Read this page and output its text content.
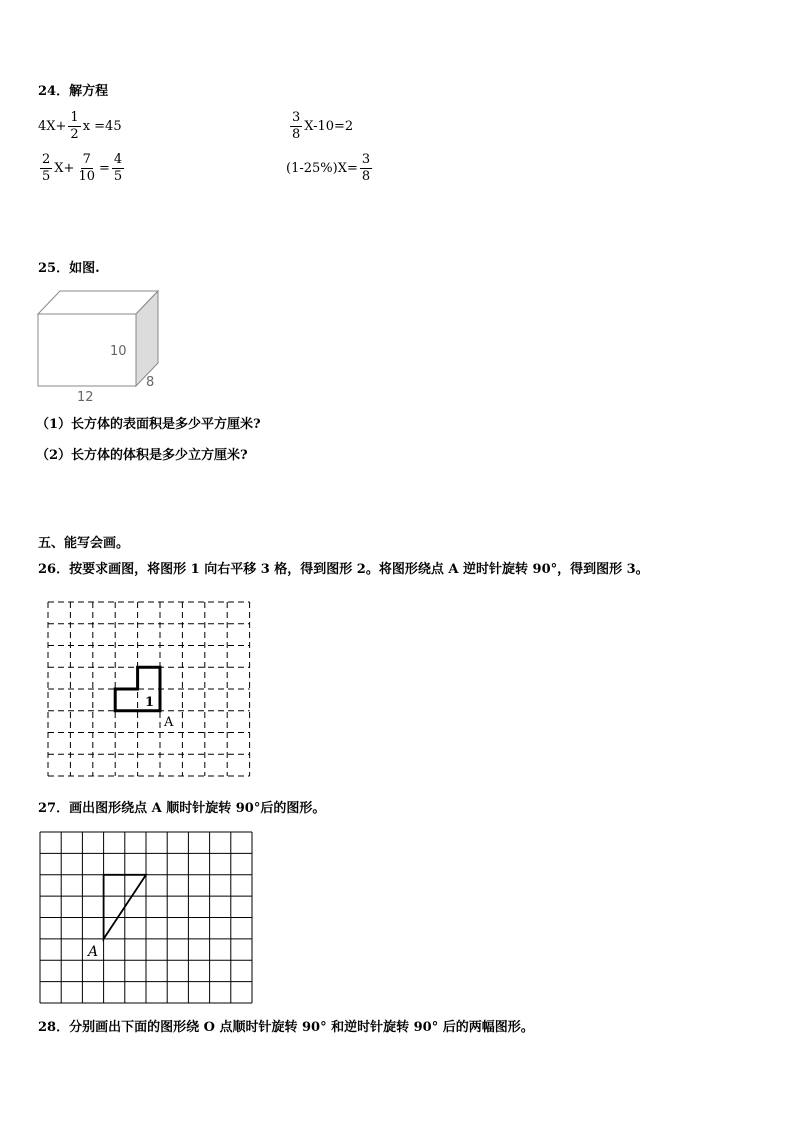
24．解方程
$4X+ \frac{1}{2}$ x =45	$\frac{3}{8} X-10=2$
$\frac{2}{5} X+ \frac{7}{10} = \frac{4}{5}$	$(1-25\%)X= \frac{3}{8}$
25．如图.
10
12
8
（1）长方体的表面积是多少平方厘米?
（2）长方体的体积是多少立方厘米?
五、能写会画。
26．按要求画图，将图形 1 向右平移 3 格，得到图形 2。将图形绕点 A 逆时针旋转 90°，得到图形 3。
1
A
27．画出图形绕点 A 顺时针旋转 90°后的图形。
A
28．分别画出下面的图形绕 O 点顺时针旋转 90° 和逆时针旋转 90° 后的两幅图形。
